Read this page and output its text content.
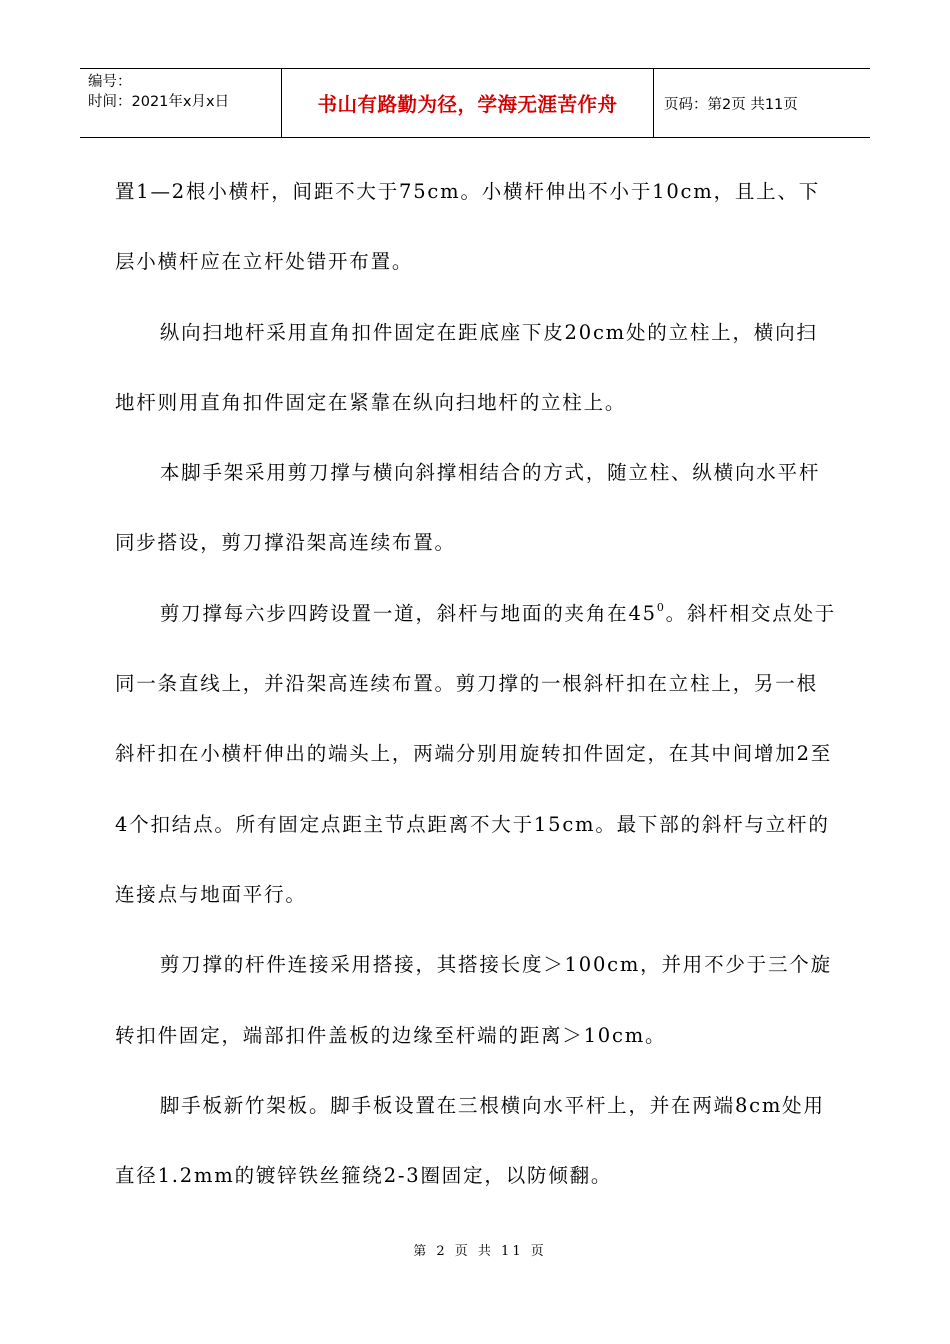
编号：
时间：2021年x月x日	书山有路勤为径，学海无涯苦作舟	页码：第2页 共11页

置1—2根小横杆，间距不大于75cm。小横杆伸出不小于10cm，且上、下层小横杆应在立杆处错开布置。

纵向扫地杆采用直角扣件固定在距底座下皮20cm处的立柱上，横向扫地杆则用直角扣件固定在紧靠在纵向扫地杆的立柱上。

本脚手架采用剪刀撑与横向斜撑相结合的方式，随立柱、纵横向水平杆同步搭设，剪刀撑沿架高连续布置。

剪刀撑每六步四跨设置一道，斜杆与地面的夹角在$45^0$。斜杆相交点处于同一条直线上，并沿架高连续布置。剪刀撑的一根斜杆扣在立柱上，另一根斜杆扣在小横杆伸出的端头上，两端分别用旋转扣件固定，在其中间增加2至4个扣结点。所有固定点距主节点距离不大于15cm。最下部的斜杆与立杆的连接点与地面平行。

剪刀撑的杆件连接采用搭接，其搭接长度＞100cm，并用不少于三个旋转扣件固定，端部扣件盖板的边缘至杆端的距离＞10cm。

脚手板新竹架板。脚手板设置在三根横向水平杆上，并在两端8cm处用直径1.2mm的镀锌铁丝箍绕2-3圈固定，以防倾翻。

第 2 页 共 11 页
